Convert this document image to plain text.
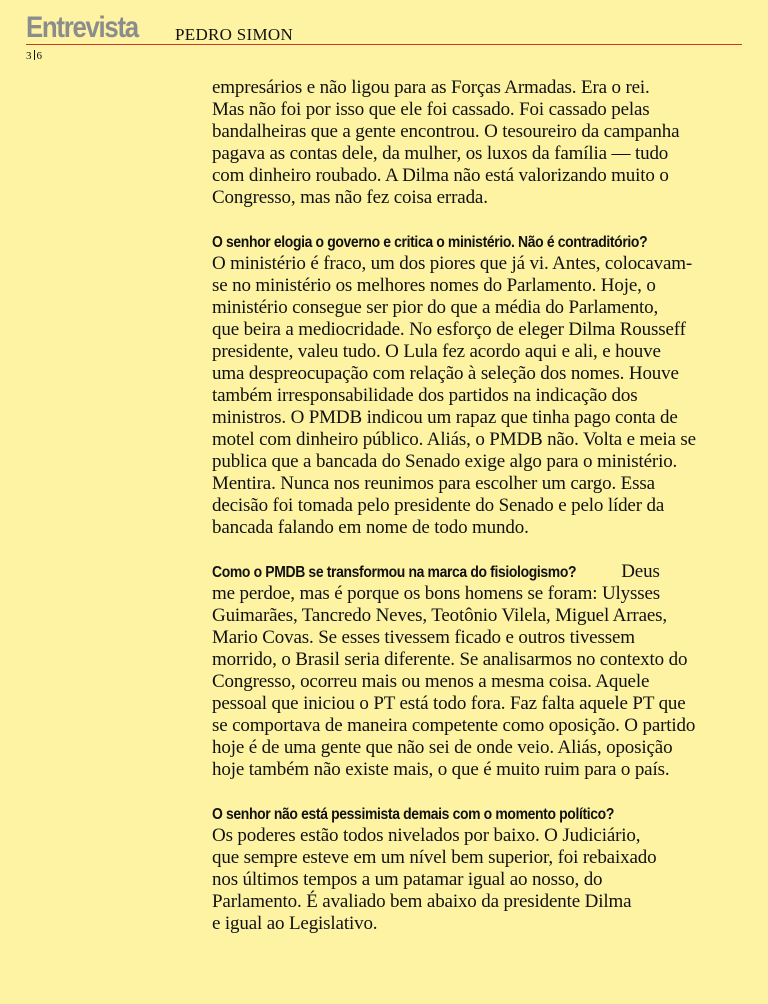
Entrevista PEDRO SIMON
3 6
empresários e não ligou para as Forças Armadas. Era o rei.
Mas não foi por isso que ele foi cassado. Foi cassado pelas
bandalheiras que a gente encontrou. O tesoureiro da campanha
pagava as contas dele, da mulher, os luxos da família — tudo
com dinheiro roubado. A Dilma não está valorizando muito o
Congresso, mas não fez coisa errada.
O senhor elogia o governo e critica o ministério. Não é contraditório?
O ministério é fraco, um dos piores que já vi. Antes, colocavam-
se no ministério os melhores nomes do Parlamento. Hoje, o
ministério consegue ser pior do que a média do Parlamento,
que beira a mediocridade. No esforço de eleger Dilma Rousseff
presidente, valeu tudo. O Lula fez acordo aqui e ali, e houve
uma despreocupação com relação à seleção dos nomes. Houve
também irresponsabilidade dos partidos na indicação dos
ministros. O PMDB indicou um rapaz que tinha pago conta de
motel com dinheiro público. Aliás, o PMDB não. Volta e meia se
publica que a bancada do Senado exige algo para o ministério.
Mentira. Nunca nos reunimos para escolher um cargo. Essa
decisão foi tomada pelo presidente do Senado e pelo líder da
bancada falando em nome de todo mundo.
Como o PMDB se transformou na marca do fisiologismo? Deus
me perdoe, mas é porque os bons homens se foram: Ulysses
Guimarães, Tancredo Neves, Teotônio Vilela, Miguel Arraes,
Mario Covas. Se esses tivessem ficado e outros tivessem
morrido, o Brasil seria diferente. Se analisarmos no contexto do
Congresso, ocorreu mais ou menos a mesma coisa. Aquele
pessoal que iniciou o PT está todo fora. Faz falta aquele PT que
se comportava de maneira competente como oposição. O partido
hoje é de uma gente que não sei de onde veio. Aliás, oposição
hoje também não existe mais, o que é muito ruim para o país.
O senhor não está pessimista demais com o momento político?
Os poderes estão todos nivelados por baixo. O Judiciário,
que sempre esteve em um nível bem superior, foi rebaixado
nos últimos tempos a um patamar igual ao nosso, do
Parlamento. É avaliado bem abaixo da presidente Dilma
e igual ao Legislativo.
